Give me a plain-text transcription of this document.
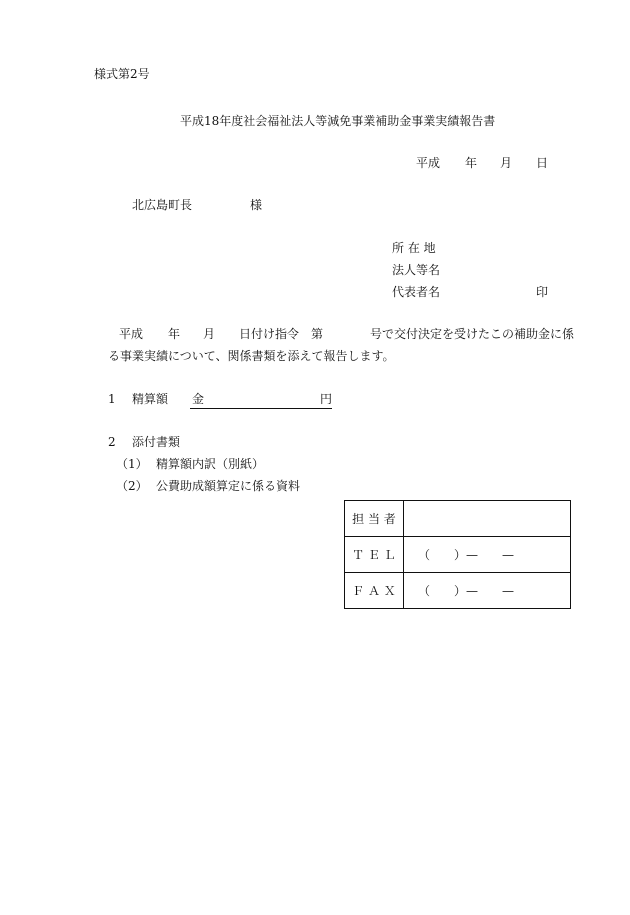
様式第2号
平成18年度社会福祉法人等減免事業補助金事業実績報告書
平成 年 月 日
北広島町長	様
所 在 地
法人等名
代表者名	印
平成 年 月 日付け指令 第	号で交付決定を受けたこの補助金に係
る事業実績について、関係書類を添えて報告します。
1 精算額 金	円
2 添付書類
（1） 精算額内訳（別紙）
（2） 公費助成額算定に係る資料
担 当 者	
Ｔ Ｅ Ｌ	（　　）—　　—
Ｆ Ａ Ｘ	（　　）—　　—
